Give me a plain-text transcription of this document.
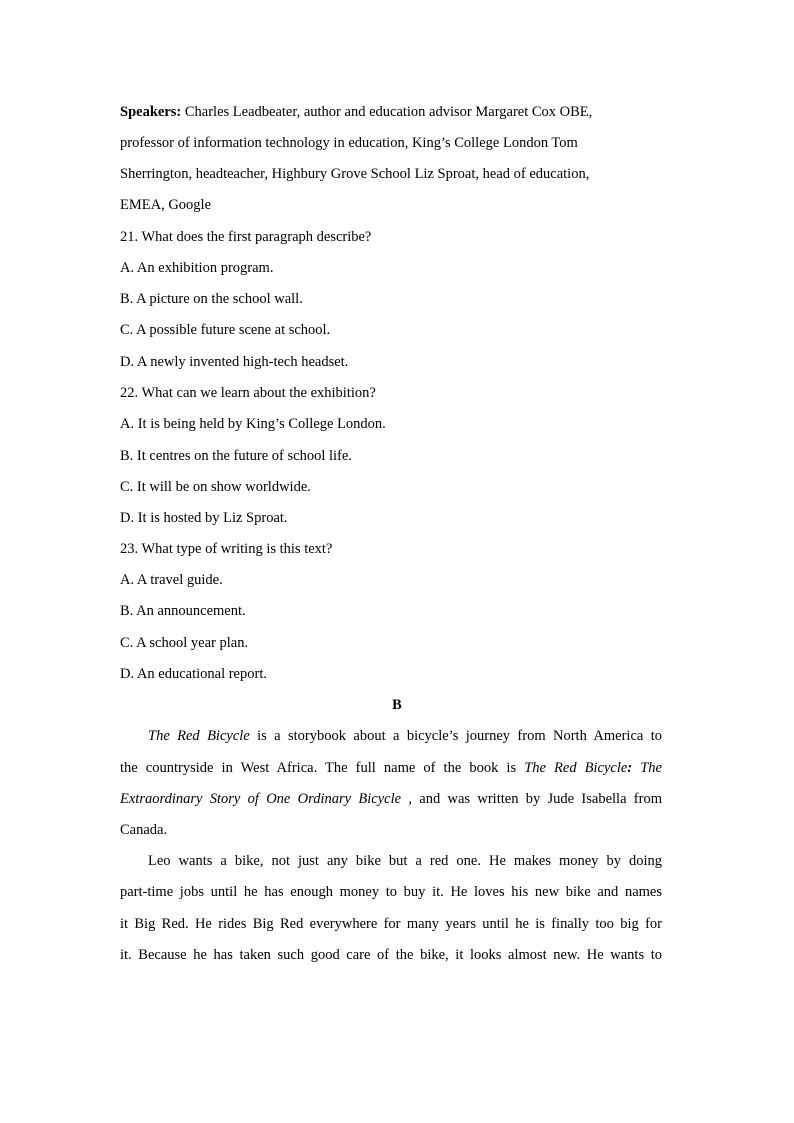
Speakers: Charles Leadbeater, author and education advisor Margaret Cox OBE,
professor of information technology in education, King’s College London Tom
Sherrington, headteacher, Highbury Grove School Liz Sproat, head of education,
EMEA, Google
21. What does the first paragraph describe?
A. An exhibition program.
B. A picture on the school wall.
C. A possible future scene at school.
D. A newly invented high-tech headset.
22. What can we learn about the exhibition?
A. It is being held by King’s College London.
B. It centres on the future of school life.
C. It will be on show worldwide.
D. It is hosted by Liz Sproat.
23. What type of writing is this text?
A. A travel guide.
B. An announcement.
C. A school year plan.
D. An educational report.
B
The Red Bicycle is a storybook about a bicycle’s journey from North America to
the countryside in West Africa. The full name of the book is The Red Bicycle: The
Extraordinary Story of One Ordinary Bicycle , and was written by Jude Isabella from
Canada.
Leo wants a bike, not just any bike but a red one. He makes money by doing
part-time jobs until he has enough money to buy it. He loves his new bike and names
it Big Red. He rides Big Red everywhere for many years until he is finally too big for
it. Because he has taken such good care of the bike, it looks almost new. He wants to
